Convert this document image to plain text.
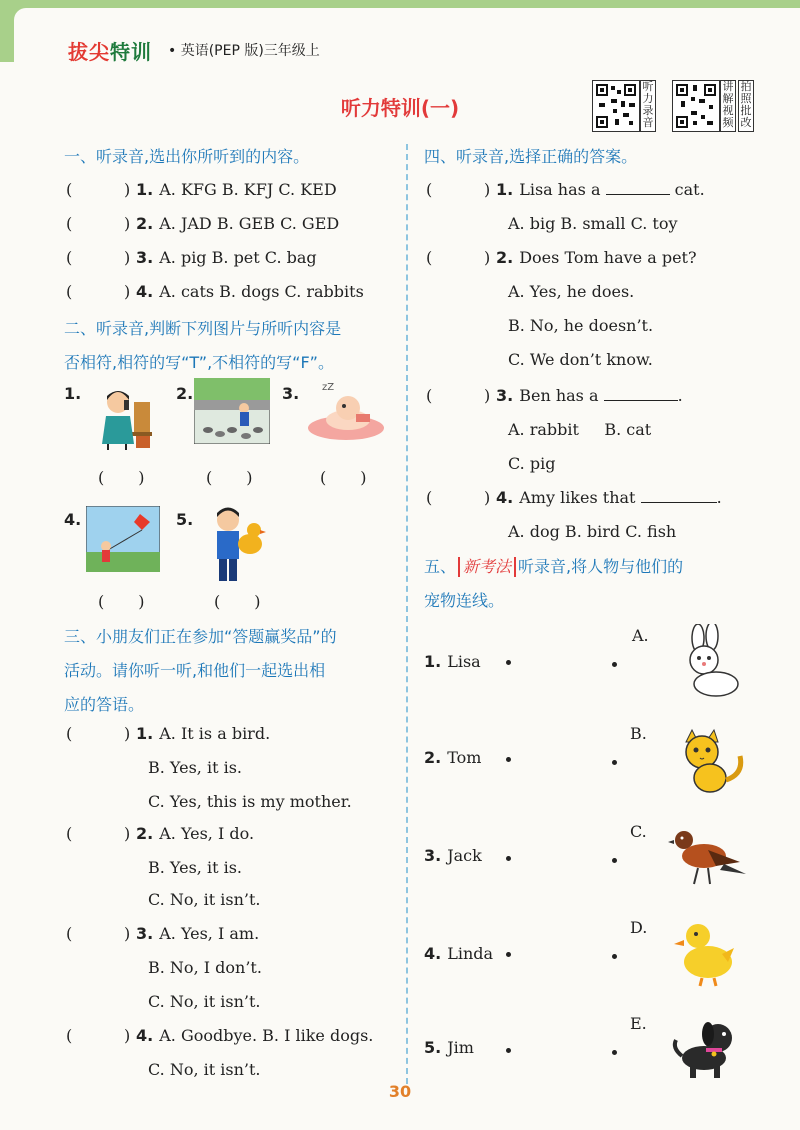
拔尖特训 • 英语(PEP 版)三年级上
听力特训(一)
听力录音
讲解视频
拍照批改
一、听录音,选出你所听到的内容。
(	) 1. A. KFG B. KFJ C. KED
(	) 2. A. JAD B. GEB C. GED
(	) 3. A. pig B. pet C. bag
(	) 4. A. cats B. dogs C. rabbits
二、听录音,判断下列图片与所听内容是
否相符,相符的写“T”,不相符的写“F”。
1.	2.	3. zZ
( )	( )	( )
4.	5.
( )	( )
三、小朋友们正在参加“答题赢奖品”的
活动。请你听一听,和他们一起选出相
应的答语。
(	) 1. A. It is a bird.
B. Yes, it is.
C. Yes, this is my mother.
(	) 2. A. Yes, I do.
B. Yes, it is.
C. No, it isn’t.
(	) 3. A. Yes, I am.
B. No, I don’t.
C. No, it isn’t.
(	) 4. A. Goodbye. B. I like dogs.
C. No, it isn’t.
四、听录音,选择正确的答案。
(	) 1. Lisa has a	cat.
A. big B. small C. toy
(	) 2. Does Tom have a pet?
A. Yes, he does.
B. No, he doesn’t.
C. We don’t know.
(	) 3. Ben has a	.
A. rabbit     B. cat
C. pig
(	) 4. Amy likes that	.
A. dog B. bird C. fish
五、 新考法 听录音,将人物与他们的
宠物连线。
1. Lisa
2. Tom
3. Jack
4. Linda
5. Jim
A.
B.
C.
D.
E.
30
